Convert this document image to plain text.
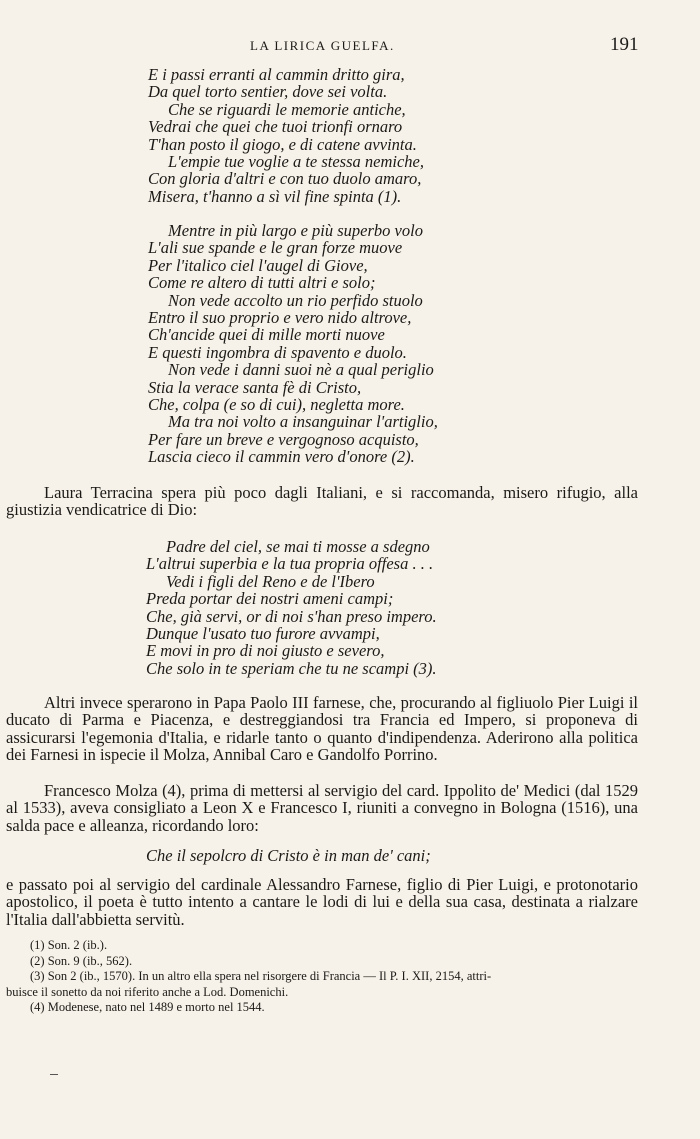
LA LIRICA GUELFA.	191
E i passi erranti al cammin dritto gira,
Da quel torto sentier, dove sei volta.
Che se riguardi le memorie antiche,
Vedrai che quei che tuoi trionfi ornaro
T'han posto il giogo, e di catene avvinta.
L'empie tue voglie a te stessa nemiche,
Con gloria d'altri e con tuo duolo amaro,
Misera, t'hanno a sì vil fine spinta (1).
Mentre in più largo e più superbo volo
L'ali sue spande e le gran forze muove
Per l'italico ciel l'augel di Giove,
Come re altero di tutti altri e solo;
Non vede accolto un rio perfido stuolo
Entro il suo proprio e vero nido altrove,
Ch'ancide quei di mille morti nuove
E questi ingombra di spavento e duolo.
Non vede i danni suoi nè a qual periglio
Stia la verace santa fè di Cristo,
Che, colpa (e so di cui), negletta more.
Ma tra noi volto a insanguinar l'artiglio,
Per fare un breve e vergognoso acquisto,
Lascia cieco il cammin vero d'onore (2).

Laura Terracina spera più poco dagli Italiani, e si raccomanda, misero rifugio, alla giustizia vendicatrice di Dio:

Padre del ciel, se mai ti mosse a sdegno
L'altrui superbia e la tua propria offesa . . .
Vedi i figli del Reno e de l'Ibero
Preda portar dei nostri ameni campi;
Che, già servi, or di noi s'han preso impero.
Dunque l'usato tuo furore avvampi,
E movi in pro di noi giusto e severo,
Che solo in te speriam che tu ne scampi (3).

Altri invece sperarono in Papa Paolo III farnese, che, procurando al figliuolo Pier Luigi il ducato di Parma e Piacenza, e destreggiandosi tra Francia ed Impero, si proponeva di assicurarsi l'egemonia d'Italia, e ridarle tanto o quanto d'indipendenza. Aderirono alla politica dei Farnesi in ispecie il Molza, Annibal Caro e Gandolfo Porrino.

Francesco Molza (4), prima di mettersi al servigio del card. Ippolito de' Medici (dal 1529 al 1533), aveva consigliato a Leon X e Francesco I, riuniti a convegno in Bologna (1516), una salda pace e alleanza, ricordando loro:

Che il sepolcro di Cristo è in man de' cani;

e passato poi al servigio del cardinale Alessandro Farnese, figlio di Pier Luigi, e protonotario apostolico, il poeta è tutto intento a cantare le lodi di lui e della sua casa, destinata a rialzare l'Italia dall'abbietta servitù.

(1) Son. 2 (ib.).
(2) Son. 9 (ib., 562).
(3) Son 2 (ib., 1570). In un altro ella spera nel risorgere di Francia — Il P. I. XII, 2154, attri-
buisce il sonetto da noi riferito anche a Lod. Domenichi.
(4) Modenese, nato nel 1489 e morto nel 1544.
